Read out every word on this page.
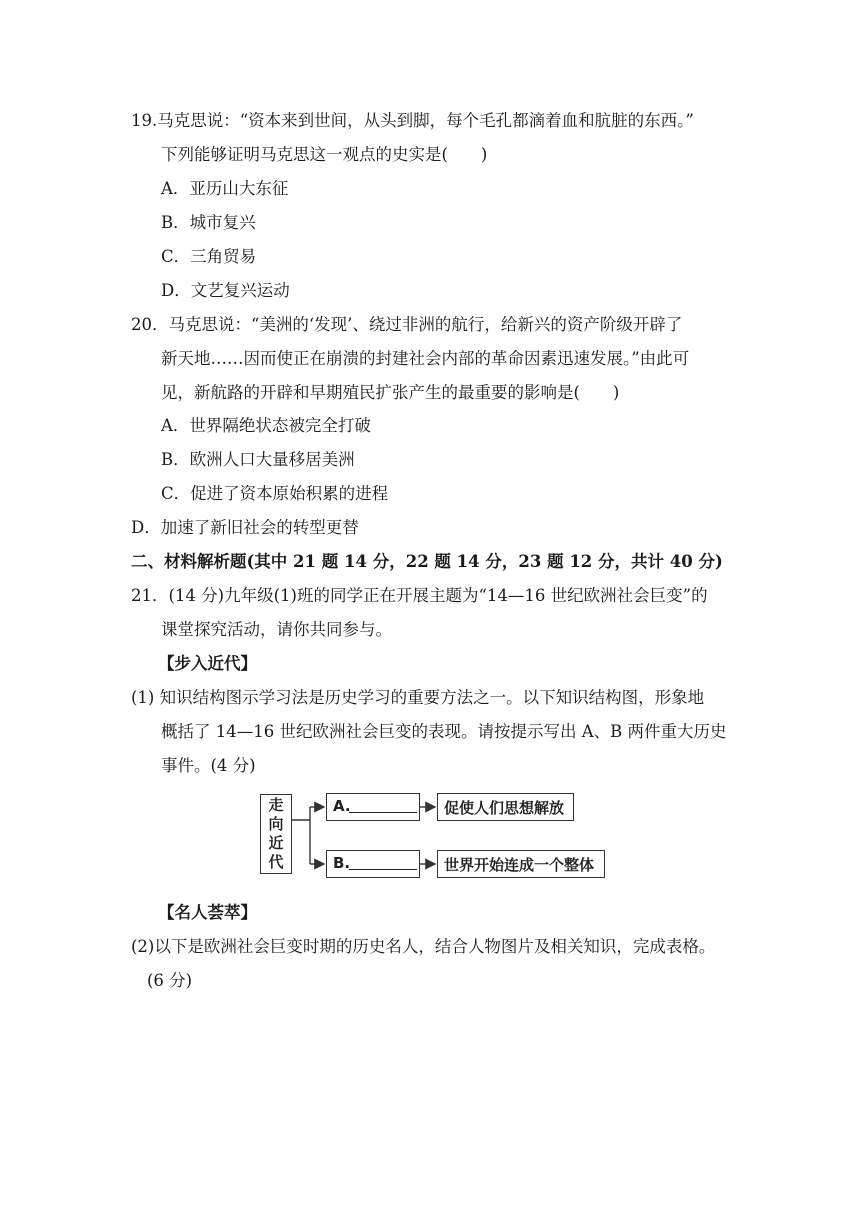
19.马克思说：“资本来到世间，从头到脚，每个毛孔都滴着血和肮脏的东西。”
下列能够证明马克思这一观点的史实是(　　)
A．亚历山大东征
B．城市复兴
C．三角贸易
D．文艺复兴运动
20．马克思说：“美洲的‘发现’、绕过非洲的航行，给新兴的资产阶级开辟了
新天地……因而使正在崩溃的封建社会内部的革命因素迅速发展。”由此可
见，新航路的开辟和早期殖民扩张产生的最重要的影响是(　　)
A．世界隔绝状态被完全打破
B．欧洲人口大量移居美洲
C．促进了资本原始积累的进程
D．加速了新旧社会的转型更替
二、材料解析题(其中 21 题 14 分，22 题 14 分，23 题 12 分，共计 40 分)
21．(14 分)九年级(1)班的同学正在开展主题为“14—16 世纪欧洲社会巨变”的
课堂探究活动，请你共同参与。
【步入近代】
(1) 知识结构图示学习法是历史学习的重要方法之一。以下知识结构图，形象地
概括了 14—16 世纪欧洲社会巨变的表现。请按提示写出 A、B 两件重大历史
事件。(4 分)
走
向
近
代
A.
B.
促使人们思想解放
世界开始连成一个整体
【名人荟萃】
(2)以下是欧洲社会巨变时期的历史名人，结合人物图片及相关知识，完成表格。
(6 分)
